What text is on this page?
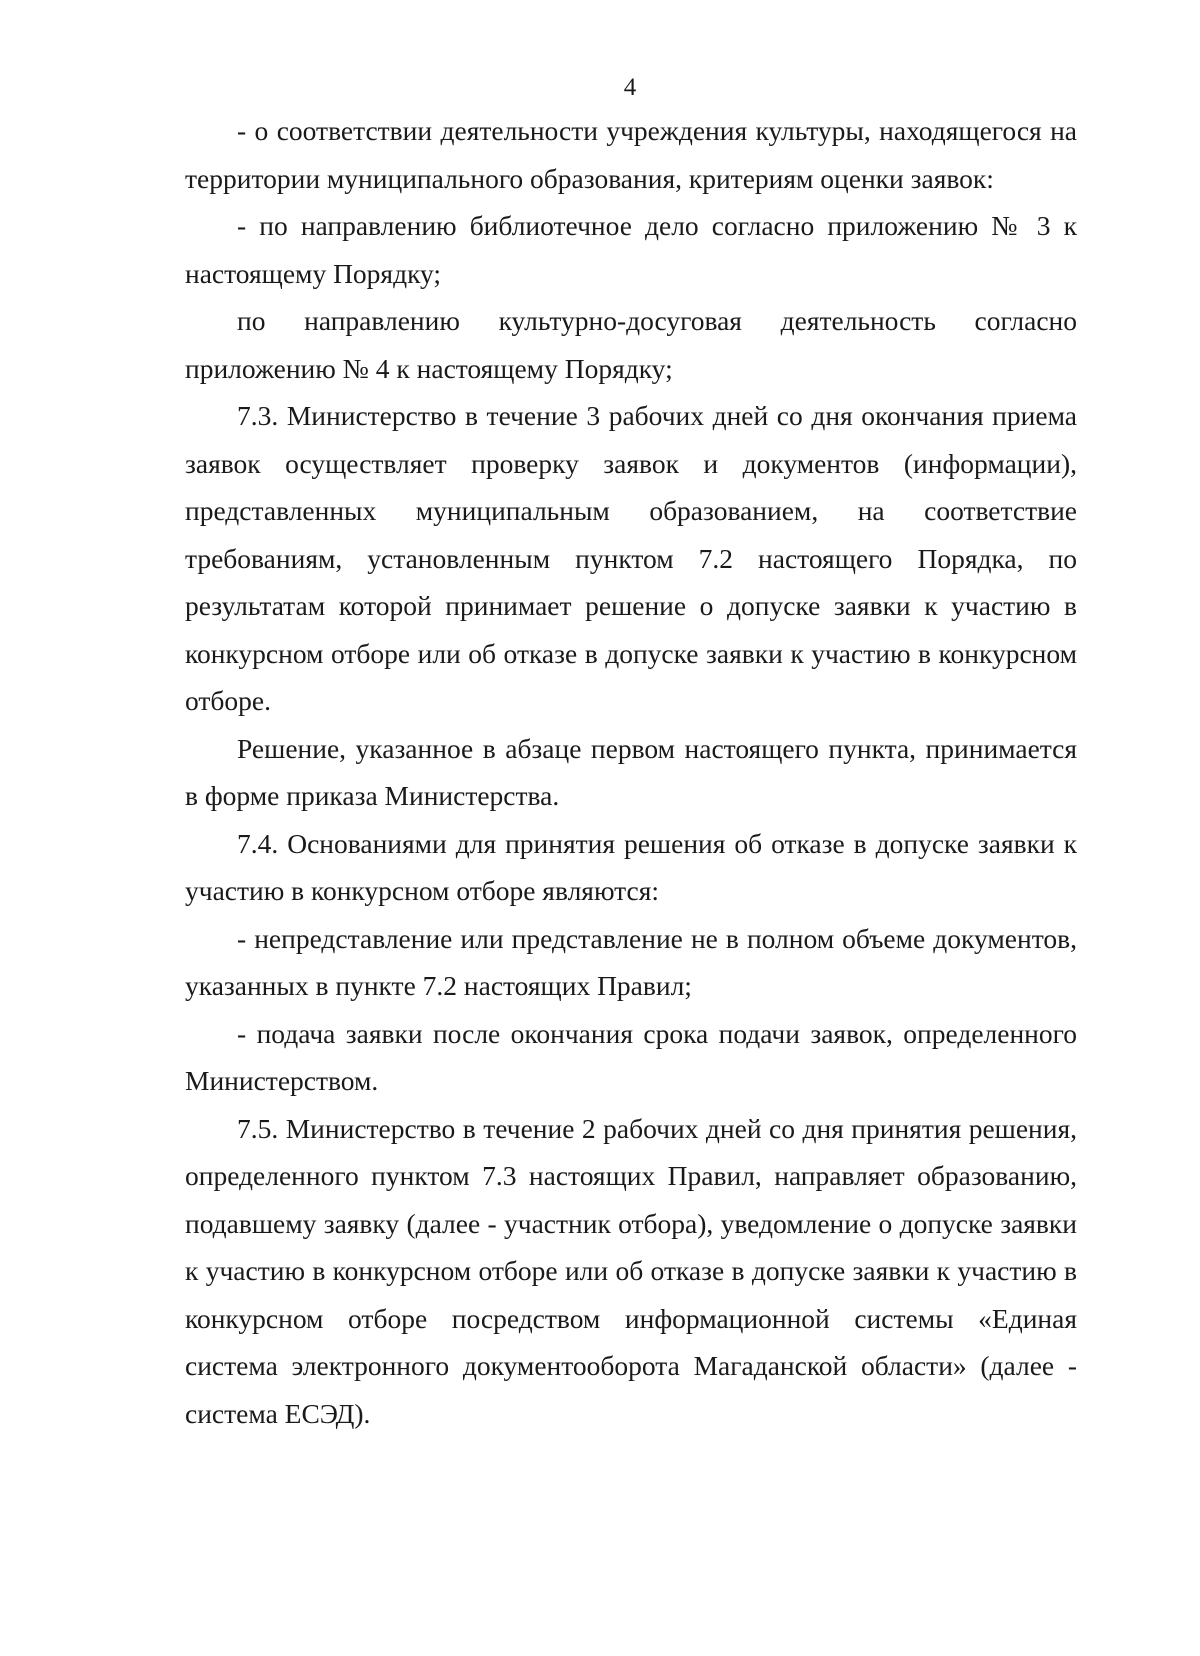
4

- о соответствии деятельности учреждения культуры, находящегося на территории муниципального образования, критериям оценки заявок:

- по направлению библиотечное дело согласно приложению № 3 к настоящему Порядку;

по направлению культурно-досуговая деятельность согласно приложению № 4 к настоящему Порядку;

7.3. Министерство в течение 3 рабочих дней со дня окончания приема заявок осуществляет проверку заявок и документов (информации), представленных муниципальным образованием, на соответствие требованиям, установленным пунктом 7.2 настоящего Порядка, по результатам которой принимает решение о допуске заявки к участию в конкурсном отборе или об отказе в допуске заявки к участию в конкурсном отборе.

Решение, указанное в абзаце первом настоящего пункта, принимается в форме приказа Министерства.

7.4. Основаниями для принятия решения об отказе в допуске заявки к участию в конкурсном отборе являются:

- непредставление или представление не в полном объеме документов, указанных в пункте 7.2 настоящих Правил;

- подача заявки после окончания срока подачи заявок, определенного Министерством.

7.5. Министерство в течение 2 рабочих дней со дня принятия решения, определенного пунктом 7.3 настоящих Правил, направляет образованию, подавшему заявку (далее - участник отбора), уведомление о допуске заявки к участию в конкурсном отборе или об отказе в допуске заявки к участию в конкурсном отборе посредством информационной системы «Единая система электронного документооборота Магаданской области» (далее - система ЕСЭД).
